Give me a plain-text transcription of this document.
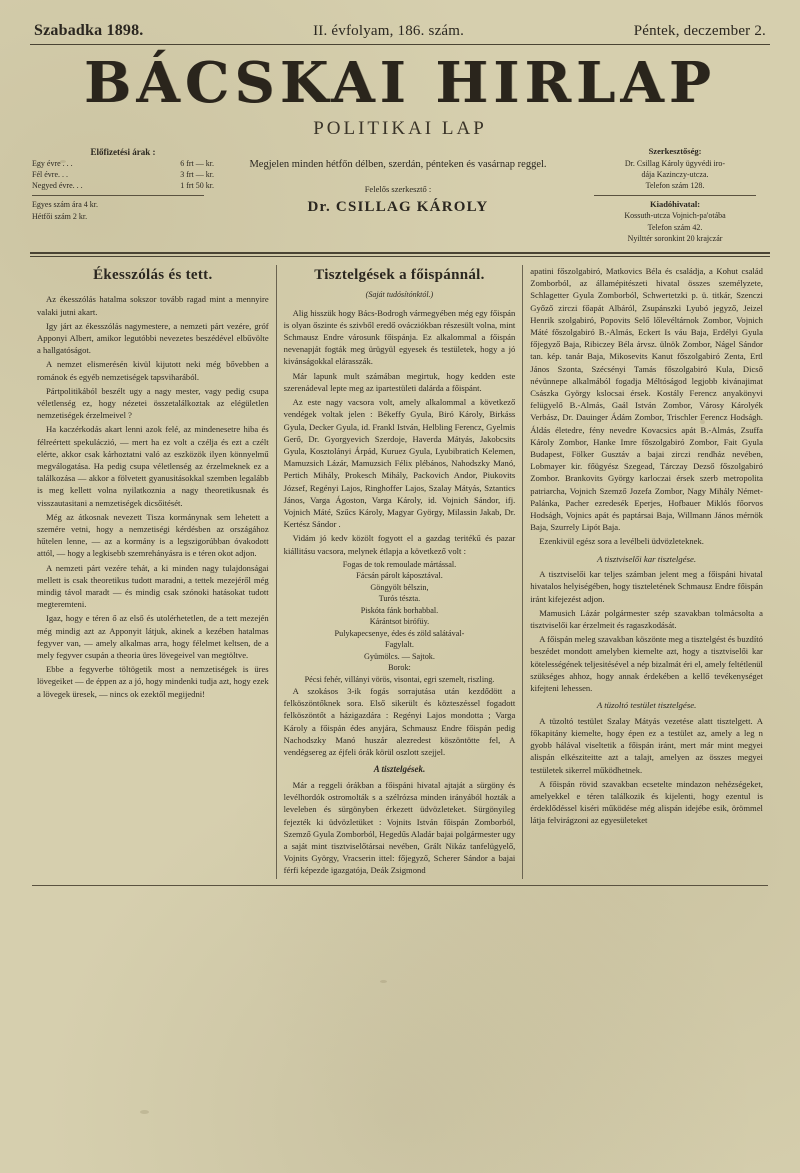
Szabadka 1898.	II. évfolyam, 186. szám.	Péntek, deczember 2.
BÁCSKAI HIRLAP
POLITIKAI LAP
Előfizetési árak :
Egy évre . . .	6 frt — kr.
Fél évre. . .	3 frt — kr.
Negyed évre. . .	1 frt 50 kr.
Egyes szám ára 4 kr.
Hétfői szám 2 kr.
Megjelen minden hétfőn délben, szerdán, pénteken és vasárnap reggel.
Felelős szerkesztő :
Dr. CSILLAG KÁROLY
Szerkesztőség:
Dr. Csillag Károly ügyvédi iro-
dája Kazinczy-utcza.
Telefon szám 128.
Kiadóhivatal:
Kossuth-utcza Vojnich-pa'otába
Telefon szám 42.
Nyilttér soronkint 20 krajczár
Ékesszólás és tett.

Az ékesszólás hatalma sokszor tovább ragad mint a mennyire valaki jutni akart.

Igy járt az ékesszólás nagymestere, a nemzeti párt vezére, gróf Apponyi Albert, amikor legutóbbi nevezetes beszédével elbűvölte a hallgatóságot.

A nemzet elismerésén kivül kijutott neki még bővebben a románok és egyéb nemzetiségek tapsviharából.

Pártpolitikából beszélt ugy a nagy mester, vagy pedig csupa véletlenség ez, hogy nézetei összetalálkoztak az elégületlen nemzetiségek érzelmeivel ?

Ha kaczérkodás akart lenni azok felé, az mindenesetre hiba és félreértett spekuláczió, — mert ha ez volt a czélja és ezt a czélt elérte, akkor csak kárhoztatni való az eszközök ilyen könnyelmű megválogatása. Ha pedig csupa véletlenség az érzelmeknek ez a találkozása — akkor a fölvetett gyanusitásokkal szemben legalább is meg kellett volna nyilatkoznia a nagy theoretikusnak és visszautasitani a nemzetiségek dicsőitését.

Még az átkosnak nevezett Tisza kormánynak sem lehetett a szemére vetni, hogy a nemzetiségi kérdésben az országához hűtelen lenne, — az a kormány is a legszigorúbban óvakodott attól, — hogy a legkisebb szemrehányásra is e téren okot adjon.

A nemzeti párt vezére tehát, a ki minden nagy tulajdonságai mellett is csak theoretikus tudott maradni, a tettek mezejéről még mindig távol maradt — és mindig csak szónoki hatásokat tudott megteremteni.

Igaz, hogy e téren ő az első és utolérhetetlen, de a tett mezején még mindig azt az Apponyit látjuk, akinek a kezében hatalmas fegyver van, — amely alkalmas arra, hogy félelmet keltsen, de a mely fegyver csupán a theoria üres lövegeivel van megtöltve.

Ebbe a fegyverbe töltögetik most a nemzetiségek is üres lövegeiket — de éppen az a jó, hogy mindenki tudja azt, hogy ezek a lövegek üresek, — nincs ok ezektől megijedni!

Tisztelgések a főispánnál.
(Saját tudósítónktól.)

Alig hisszük hogy Bács-Bodrogh vármegyében még egy főispán is olyan őszinte és szivből eredő ovácziókban részesült volna, mint Schmausz Endre városunk főispánja. Ez alkalommal a főispán nevenapját fogták meg ürügyül egyesek és testületek, hogy a jó kivánságokkal elárasszák.

Már lapunk mult számában megirtuk, hogy kedden este szerenádeval lepte meg az ipartestületi dalárda a főispánt.

Az este nagy vacsora volt, amely alkalommal a következő vendégek voltak jelen : Békeffy Gyula, Biró Károly, Birkáss Gyula, Decker Gyula, id. Frankl István, Helbling Ferencz, Gyelmis Gerő, Dr. Gyorgyevich Szerdoje, Haverda Mátyás, Jakobcsits Gyula, Kosztolányi Árpád, Kuruez Gyula, Lyubibratich Kelemen, Mamuzsich Lázár, Mamuzsich Félix plébános, Nahodszky Manó, Pertich Mihály, Prokesch Mihály, Packovich Andor, Piukovits József, Regényi Lajos, Ringhoffer Lajos, Szalay Mátyás, Sztantics János, Varga Ágoston, Varga Károly, id. Vojnich Sándor, ifj. Vojnich Máté, Szűcs Károly, Magyar György, Milassin Jakab, Dr. Kertész Sándor .

Vidám jó kedv közölt fogyott el a gazdag teritékű és pazar kiállitásu vacsora, melynek étlapja a következő volt :

Fogas de tok remoulade mártással.

Fácsán párolt káposztával.

Göngyölt bélszin,

Turós tészta.

Piskóta fánk borhabbal.

Kárántsot birófüy.

Pulykapecsenye, édes és zöld salátával-

Fagylalt.

Gyümölcs. — Sajtok.

Borok:

Pécsi fehér, villányi vörös, visontai, egri szemelt, riszling.

A szokásos 3-ik fogás sorrajutása után kezdődött a felköszöntőknek sora. Első sikerült és közteszéssel fogadott felköszöntőt a házigazdára : Regényi Lajos mondotta ; Varga Károly a főispán édes anyjára, Schmausz Endre főispán pedig Nachodszky Manó huszár alezredest köszöntötte fel, A vendégsereg az éjfeli órák körül oszlott szejjel.

A tisztelgések.

Már a reggeli órákban a főispáni hivatal ajtaját a sürgöny és levélhordók ostromolták s a szélrózsa minden irányából hozták a leveleben és sürgönyben érkezett üdvözleteket. Sürgönyileg fejezték ki üdvözletüket : Vojnits István főispán Zomborból, Szemző Gyula Zomborból, Hegedűs Aladár bajai polgármester ugy a saját mint tisztviselőtársai nevében, Grált Nikáz tanfelügyelő, Vojnits György, Vracserin ittel: főjegyző, Scherer Sándor a bajai férfi képezde igazgatója, Deák Zsigmond

apatini főszolgabiró, Matkovics Béla és családja, a Kohut család Zomborból, az államépitészeti hivatal összes személyzete, Schlagetter Gyula Zomborból, Schwertetzki p. ü. titkár, Szenczi Győző zirczi főapát Albáról, Zsupánszki Lyubó jegyző, Jeizel Henrik szolgabiró, Popovits Selő lőlevéltárnok Zombor, Vojnich Máté főszolgabiró B.-Almás, Eckert Is váu Baja, Erdélyi Gyula főjegyző Baja, Ribiczey Béla árvsz. ülnök Zombor, Nágel Sándor tan. kép. tanár Baja, Mikosevits Kanut főszolgabiró Zenta, Ertl János Szonta, Szécsényi Tamás főszolgabiró Kula, Dicső névünnepe alkalmából fogadja Méltóságod legjobb kivánajimat Császka György kslocsai érsek. Kostály Ferencz anyakönyvi felügyelő B.-Almás, Gaál István Zombor, Városy Károlyék Verbász, Dr. Dauinger Ádám Zombor, Trischler Ferencz Hodságh. Áldás életedre, fény nevedre Kovacsics apát B.-Almás, Zsuffa Károly Zombor, Hanke Imre főszolgabiró Zombor, Fait Gyula Budapest, Fölker Gusztáv a bajai zirczi rendház nevében, Lobmayer kir. főügyész Szegead, Tárczay Dezső főszolgabiró Zombor. Brankovits György karloczai érsek szerb metropolita patriarcha, Vojnich Szemző Jozefa Zombor, Nagy Mihály Német-Palánka, Pacher ezredesék Eperjes, Hofbauer Miklós főorvos Hodságh, Vojnics apát és paptársai Baja, Willmann János mérnök Baja, Szurrely Lipót Baja.

Ezenkivül egész sora a levélbeli üdvözleteknek.

A tisztviselői kar tisztelgése.

A tisztviselői kar teljes számban jelent meg a főispáni hivatal hivatalos helyiségében, hogy tiszteletének Schmausz Endre főispán iránt kifejezést adjon.

Mamusich Lázár polgármester szép szavakban tolmácsolta a tisztviselői kar érzelmeit és ragaszkodását.

A főispán meleg szavakban köszönte meg a tisztelgést és buzdító beszédet mondott amelyben kiemelte azt, hogy a tisztviselői kar kötelességének teljesitésével a nép bizalmát éri el, amely feltétlenül szükséges ahhoz, hogy annak érdekében a kellő tevékenységet kifejteni lehessen.

A tüzoltó testület tisztelgése.

A tüzoltó testület Szalay Mátyás vezetése alatt tisztelgett. A főkapitány kiemelte, hogy épen ez a testület az, amely a leg n gyobb hálával viseltetik a főispán iránt, mert már mint megyei alispán elkésziteitte azt a talajt, amelyen az összes megyei testületek sikerrel működhetnek.

A főispán rövid szavakban ecsetelte mindazon nehézségeket, amelyekkel e téren találkozik és kijelenti, hogy ezentul is érdeklődéssel kiséri működése még alispán idejébe esik, örömmel látja felvirágzoni az egyesületeket
